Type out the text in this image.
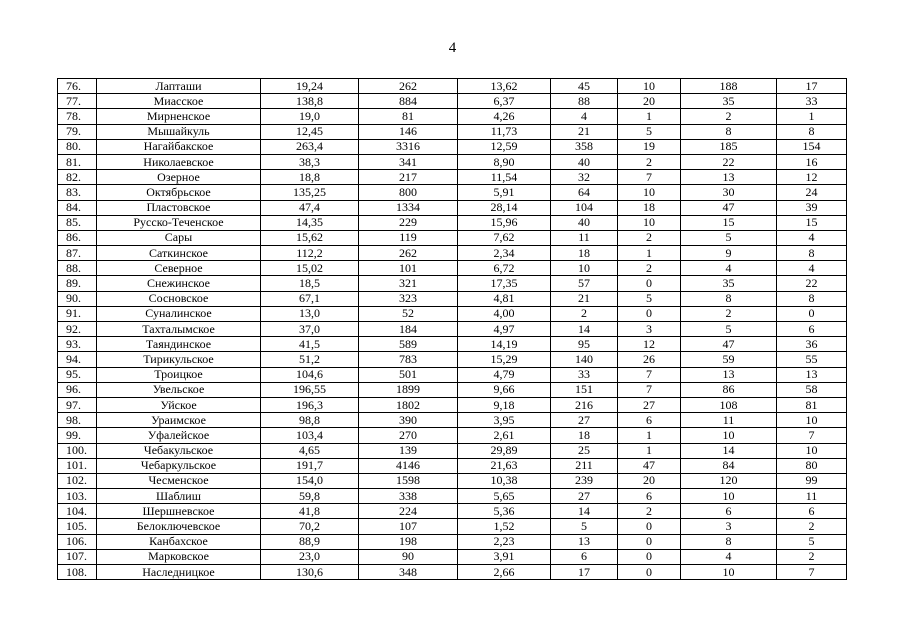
4
76.	Лапташи	19,24	262	13,62	45	10	188	17
77.	Миасское	138,8	884	6,37	88	20	35	33
78.	Мирненское	19,0	81	4,26	4	1	2	1
79.	Мышайкуль	12,45	146	11,73	21	5	8	8
80.	Нагайбакское	263,4	3316	12,59	358	19	185	154
81.	Николаевское	38,3	341	8,90	40	2	22	16
82.	Озерное	18,8	217	11,54	32	7	13	12
83.	Октябрьское	135,25	800	5,91	64	10	30	24
84.	Пластовское	47,4	1334	28,14	104	18	47	39
85.	Русско-Теченское	14,35	229	15,96	40	10	15	15
86.	Сары	15,62	119	7,62	11	2	5	4
87.	Саткинское	112,2	262	2,34	18	1	9	8
88.	Северное	15,02	101	6,72	10	2	4	4
89.	Снежинское	18,5	321	17,35	57	0	35	22
90.	Сосновское	67,1	323	4,81	21	5	8	8
91.	Суналинское	13,0	52	4,00	2	0	2	0
92.	Тахталымское	37,0	184	4,97	14	3	5	6
93.	Таяндинское	41,5	589	14,19	95	12	47	36
94.	Тирикульское	51,2	783	15,29	140	26	59	55
95.	Троицкое	104,6	501	4,79	33	7	13	13
96.	Увельское	196,55	1899	9,66	151	7	86	58
97.	Уйское	196,3	1802	9,18	216	27	108	81
98.	Ураимское	98,8	390	3,95	27	6	11	10
99.	Уфалейское	103,4	270	2,61	18	1	10	7
100.	Чебакульское	4,65	139	29,89	25	1	14	10
101.	Чебаркульское	191,7	4146	21,63	211	47	84	80
102.	Чесменское	154,0	1598	10,38	239	20	120	99
103.	Шаблиш	59,8	338	5,65	27	6	10	11
104.	Шершневское	41,8	224	5,36	14	2	6	6
105.	Белоключевское	70,2	107	1,52	5	0	3	2
106.	Канбахское	88,9	198	2,23	13	0	8	5
107.	Марковское	23,0	90	3,91	6	0	4	2
108.	Наследницкое	130,6	348	2,66	17	0	10	7
